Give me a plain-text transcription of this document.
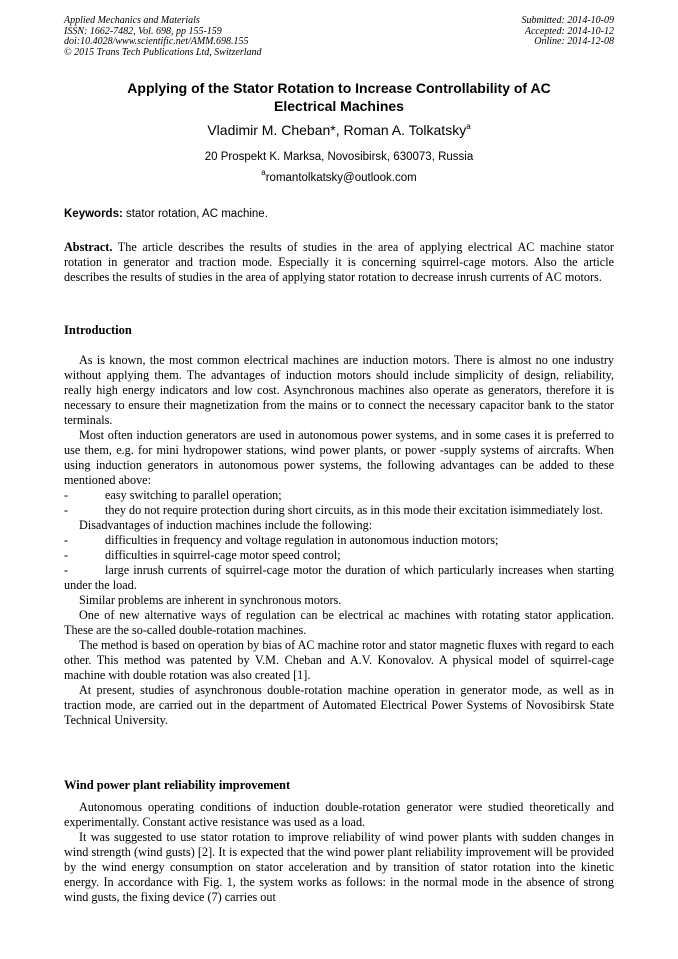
Applied Mechanics and Materials
ISSN: 1662-7482, Vol. 698, pp 155-159
doi:10.4028/www.scientific.net/AMM.698.155
© 2015 Trans Tech Publications Ltd, Switzerland
Submitted: 2014-10-09
Accepted: 2014-10-12
Online: 2014-12-08
Applying of the Stator Rotation to Increase Controllability of AC
Electrical Machines
Vladimir M. Cheban*, Roman A. Tolkatsky$^a$
20 Prospekt K. Marksa, Novosibirsk, 630073, Russia
$^a$romantolkatsky@outlook.com
Keywords: stator rotation, AC machine.
Abstract. The article describes the results of studies in the area of applying electrical AC machine stator rotation in generator and traction mode. Especially it is concerning squirrel-cage motors. Also the article describes the results of studies in the area of applying stator rotation to decrease inrush currents of AC motors.
Introduction

As is known, the most common electrical machines are induction motors. There is almost no one industry without applying them. The advantages of induction motors should include simplicity of design, reliability, really high energy indicators and low cost. Asynchronous machines also operate as generators, therefore it is necessary to ensure their magnetization from the mains or to connect the necessary capacitor bank to the stator terminals.

Most often induction generators are used in autonomous power systems, and in some cases it is preferred to use them, e.g. for mini hydropower stations, wind power plants, or power -supply systems of aircrafts. When using induction generators in autonomous power systems, the following advantages can be added to these mentioned above:

-	easy switching to parallel operation;

-	they do not require protection during short circuits, as in this mode their excitation isimmediately lost.

Disadvantages of induction machines include the following:

-	difficulties in frequency and voltage regulation in autonomous induction motors;

-	difficulties in squirrel-cage motor speed control;

-	large inrush currents of squirrel-cage motor the duration of which particularly increases when starting under the load.

Similar problems are inherent in synchronous motors.

One of new alternative ways of regulation can be electrical ac machines with rotating stator application. These are the so-called double-rotation machines.

The method is based on operation by bias of AC machine rotor and stator magnetic fluxes with regard to each other. This method was patented by V.M. Cheban and A.V. Konovalov. A physical model of squirrel-cage machine with double rotation was also created [1].

At present, studies of asynchronous double-rotation machine operation in generator mode, as well as in traction mode, are carried out in the department of Automated Electrical Power Systems of Novosibirsk State Technical University.

Wind power plant reliability improvement

Autonomous operating conditions of induction double-rotation generator were studied theoretically and experimentally. Constant active resistance was used as a load.

It was suggested to use stator rotation to improve reliability of wind power plants with sudden changes in wind strength (wind gusts) [2]. It is expected that the wind power plant reliability improvement will be provided by the wind energy consumption on stator acceleration and by transition of stator rotation into the kinetic energy. In accordance with Fig. 1, the system works as follows: in the normal mode in the absence of strong wind gusts, the fixing device (7) carries out
